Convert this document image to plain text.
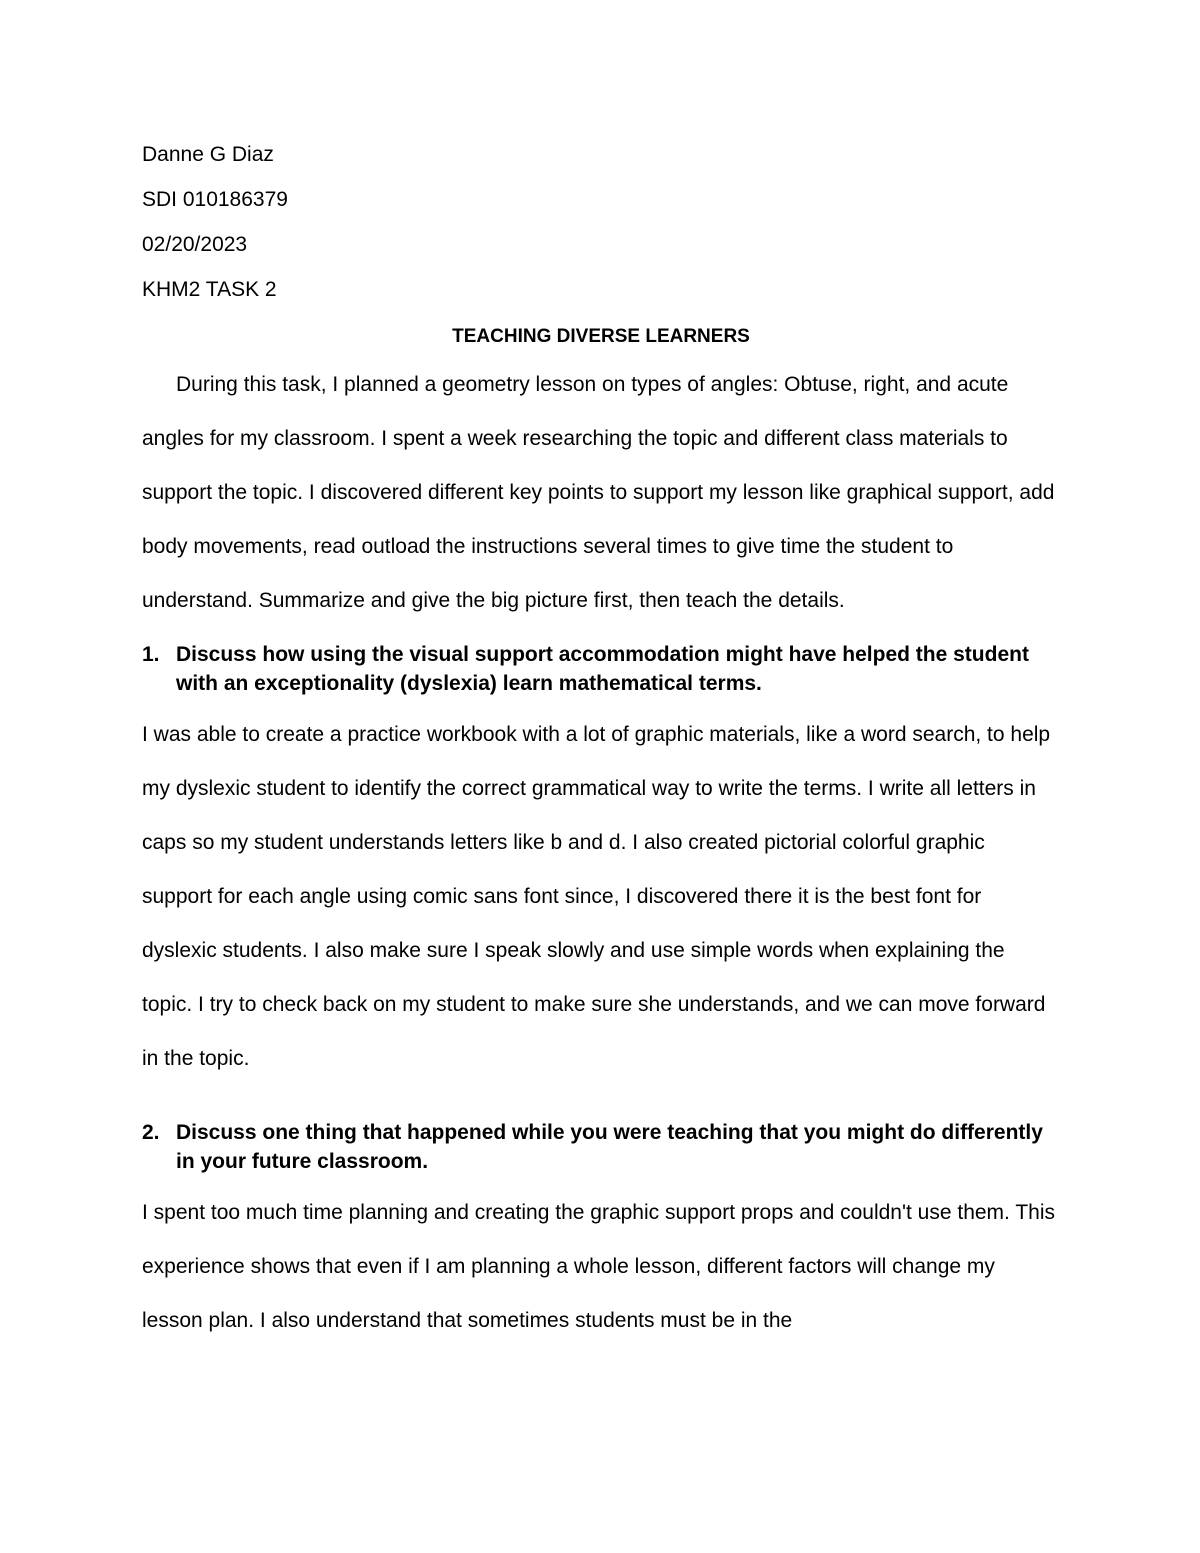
Danne G Diaz

SDI 010186379

02/20/2023

KHM2 TASK 2

TEACHING DIVERSE LEARNERS

During this task, I planned a geometry lesson on types of angles: Obtuse, right, and acute angles for my classroom. I spent a week researching the topic and different class materials to support the topic. I discovered different key points to support my lesson like graphical support, add body movements, read outload the instructions several times to give time the student to understand. Summarize and give the big picture first, then teach the details.

1. Discuss how using the visual support accommodation might have helped the student with an exceptionality (dyslexia) learn mathematical terms.

I was able to create a practice workbook with a lot of graphic materials, like a word search, to help my dyslexic student to identify the correct grammatical way to write the terms. I write all letters in caps so my student understands letters like b and d. I also created pictorial colorful graphic support for each angle using comic sans font since, I discovered there it is the best font for dyslexic students. I also make sure I speak slowly and use simple words when explaining the topic. I try to check back on my student to make sure she understands, and we can move forward in the topic.

2. Discuss one thing that happened while you were teaching that you might do differently in your future classroom.

I spent too much time planning and creating the graphic support props and couldn't use them. This experience shows that even if I am planning a whole lesson, different factors will change my lesson plan. I also understand that sometimes students must be in the
